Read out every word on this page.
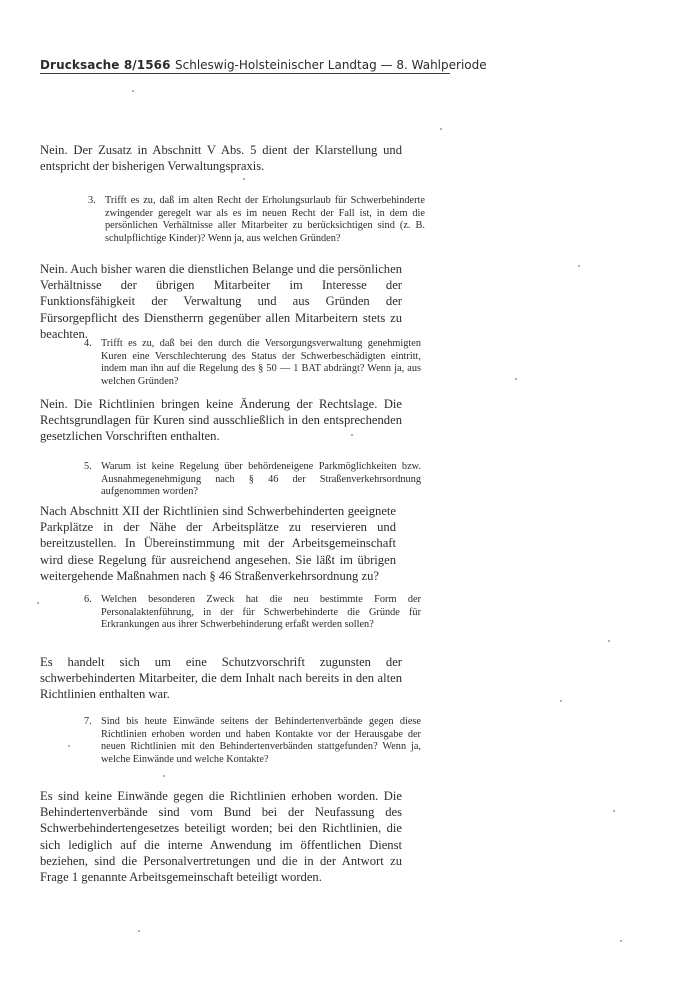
Drucksache 8/1566 Schleswig-Holsteinischer Landtag — 8. Wahlperiode
Nein. Der Zusatz in Abschnitt V Abs. 5 dient der Klarstellung und entspricht der bisherigen Verwaltungspraxis.
3. Trifft es zu, daß im alten Recht der Erholungsurlaub für Schwerbehinderte zwingender geregelt war als es im neuen Recht der Fall ist, in dem die persönlichen Verhältnisse aller Mitarbeiter zu berücksichtigen sind (z. B. schulpflichtige Kinder)? Wenn ja, aus welchen Gründen?
Nein. Auch bisher waren die dienstlichen Belange und die persönlichen Verhältnisse der übrigen Mitarbeiter im Interesse der Funktionsfähigkeit der Verwaltung und aus Gründen der Fürsorgepflicht des Dienstherrn gegenüber allen Mitarbeitern stets zu beachten.
4. Trifft es zu, daß bei den durch die Versorgungsverwaltung genehmigten Kuren eine Verschlechterung des Status der Schwerbeschädigten eintritt, indem man ihn auf die Regelung des § 50 — 1 BAT abdrängt? Wenn ja, aus welchen Gründen?
Nein. Die Richtlinien bringen keine Änderung der Rechtslage. Die Rechtsgrundlagen für Kuren sind ausschließlich in den entsprechenden gesetzlichen Vorschriften enthalten.
5. Warum ist keine Regelung über behördeneigene Parkmöglichkeiten bzw. Ausnahmegenehmigung nach § 46 der Straßenverkehrsordnung aufgenommen worden?
Nach Abschnitt XII der Richtlinien sind Schwerbehinderten geeignete Parkplätze in der Nähe der Arbeitsplätze zu reservieren und bereitzustellen. In Übereinstimmung mit der Arbeitsgemeinschaft wird diese Regelung für ausreichend angesehen. Sie läßt im übrigen weitergehende Maßnahmen nach § 46 Straßenverkehrsordnung zu?
6. Welchen besonderen Zweck hat die neu bestimmte Form der Personalaktenführung, in der für Schwerbehinderte die Gründe für Erkrankungen aus ihrer Schwerbehinderung erfaßt werden sollen?
Es handelt sich um eine Schutzvorschrift zugunsten der schwerbehinderten Mitarbeiter, die dem Inhalt nach bereits in den alten Richtlinien enthalten war.
7. Sind bis heute Einwände seitens der Behindertenverbände gegen diese Richtlinien erhoben worden und haben Kontakte vor der Herausgabe der neuen Richtlinien mit den Behindertenverbänden stattgefunden? Wenn ja, welche Einwände und welche Kontakte?
Es sind keine Einwände gegen die Richtlinien erhoben worden. Die Behindertenverbände sind vom Bund bei der Neufassung des Schwerbehindertengesetzes beteiligt worden; bei den Richtlinien, die sich lediglich auf die interne Anwendung im öffentlichen Dienst beziehen, sind die Personalvertretungen und die in der Antwort zu Frage 1 genannte Arbeitsgemeinschaft beteiligt worden.
